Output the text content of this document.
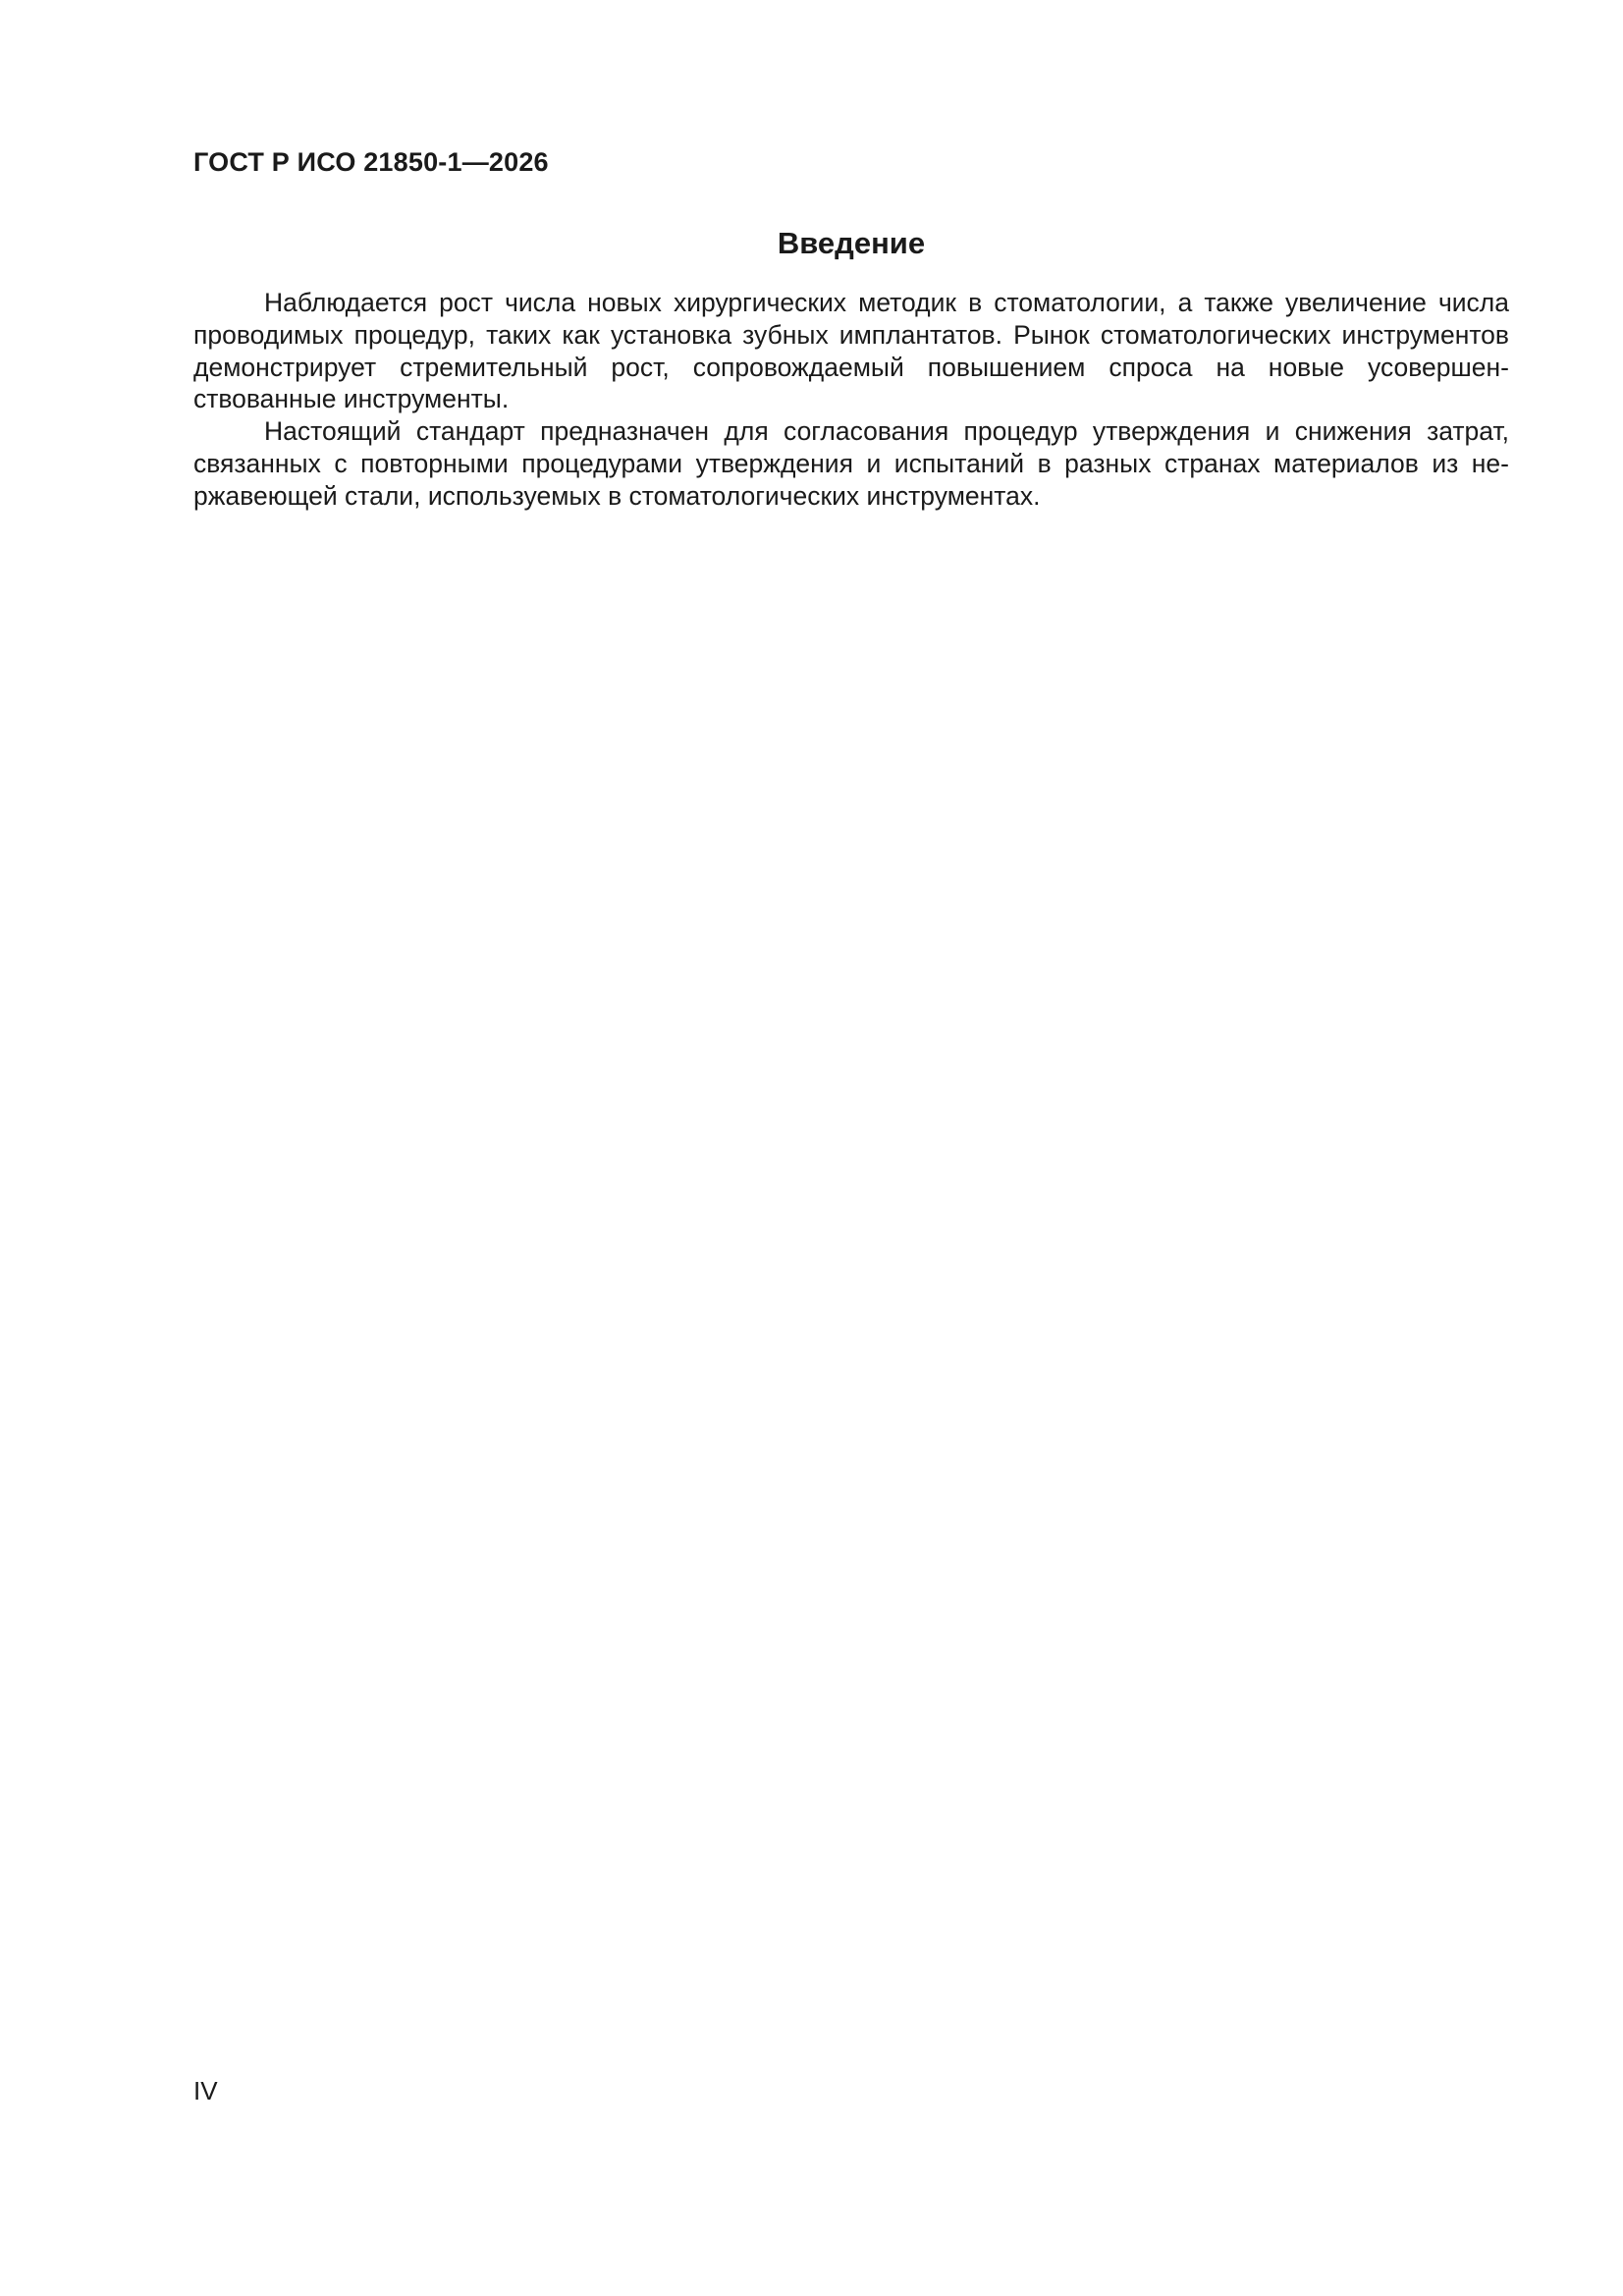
ГОСТ Р ИСО 21850-1—2026
Введение

Наблюдается рост числа новых хирургических методик в стоматологии, а также увеличение числа проводимых процедур, таких как установка зубных имплантатов. Рынок стоматологических инструментов демонстрирует стремительный рост, сопровождаемый повышением спроса на новые усовершенствованные инструменты.

Настоящий стандарт предназначен для согласования процедур утверждения и снижения затрат, связанных с повторными процедурами утверждения и испытаний в разных странах материалов из нержавеющей стали, используемых в стоматологических инструментах.

IV
